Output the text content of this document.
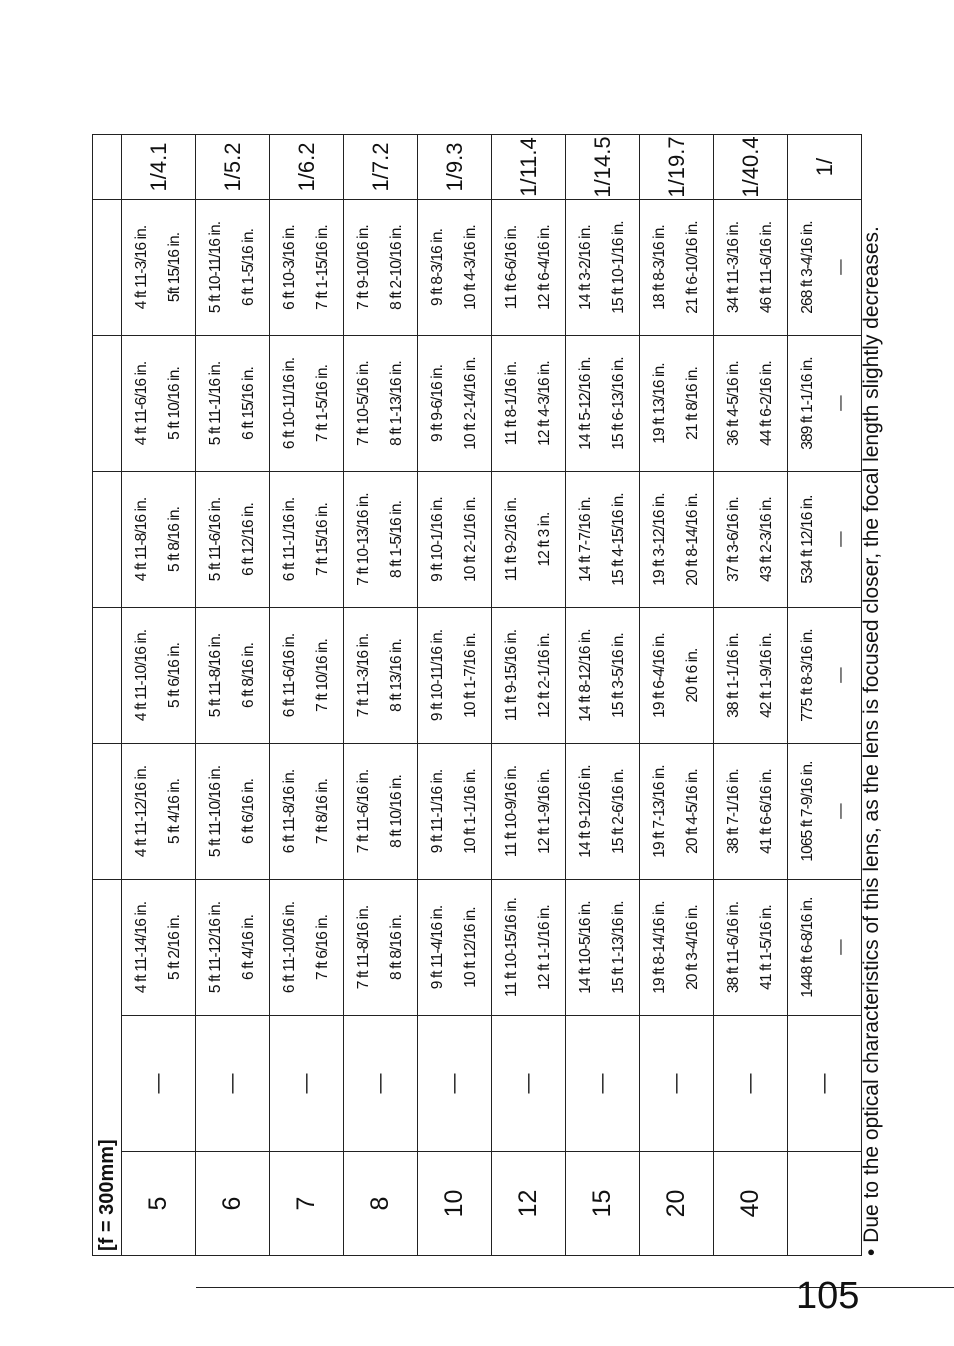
[f = 300mm]								
5	—	4 ft 11-14/16 in. 5 ft 2/16 in.	4 ft 11-12/16 in. 5 ft 4/16 in.	4 ft 11-10/16 in. 5 ft 6/16 in.	4 ft 11-8/16 in. 5 ft 8/16 in.	4 ft 11-6/16 in. 5 ft 10/16 in.	4 ft 11-3/16 in. 5ft 15/16 in.	1/4.1
6	—	5 ft 11-12/16 in. 6 ft 4/16 in.	5 ft 11-10/16 in. 6 ft 6/16 in.	5 ft 11-8/16 in. 6 ft 8/16 in.	5 ft 11-6/16 in. 6 ft 12/16 in.	5 ft 11-1/16 in. 6 ft 15/16 in.	5 ft 10-11/16 in. 6 ft 1-5/16 in.	1/5.2
7	—	6 ft 11-10/16 in. 7 ft 6/16 in.	6 ft 11-8/16 in. 7 ft 8/16 in.	6 ft 11-6/16 in. 7 ft 10/16 in.	6 ft 11-1/16 in. 7 ft 15/16 in.	6 ft 10-11/16 in. 7 ft 1-5/16 in.	6 ft 10-3/16 in. 7 ft 1-15/16 in.	1/6.2
8	—	7 ft 11-8/16 in. 8 ft 8/16 in.	7 ft 11-6/16 in. 8 ft 10/16 in.	7 ft 11-3/16 in. 8 ft 13/16 in.	7 ft 10-13/16 in. 8 ft 1-5/16 in.	7 ft 10-5/16 in. 8 ft 1-13/16 in.	7 ft 9-10/16 in. 8 ft 2-10/16 in.	1/7.2
10	—	9 ft 11-4/16 in. 10 ft 12/16 in.	9 ft 11-1/16 in. 10 ft 1-1/16 in.	9 ft 10-11/16 in. 10 ft 1-7/16 in.	9 ft 10-1/16 in. 10 ft 2-1/16 in.	9 ft 9-6/16 in. 10 ft 2-14/16 in.	9 ft 8-3/16 in. 10 ft 4-3/16 in.	1/9.3
12	—	11 ft 10-15/16 in. 12 ft 1-1/16 in.	11 ft 10-9/16 in. 12 ft 1-9/16 in.	11 ft 9-15/16 in. 12 ft 2-1/16 in.	11 ft 9-2/16 in. 12 ft 3 in.	11 ft 8-1/16 in. 12 ft 4-3/16 in.	11 ft 6-6/16 in. 12 ft 6-4/16 in.	1/11.4
15	—	14 ft 10-5/16 in. 15 ft 1-13/16 in.	14 ft 9-12/16 in. 15 ft 2-6/16 in.	14 ft 8-12/16 in. 15 ft 3-5/16 in.	14 ft 7-7/16 in. 15 ft 4-15/16 in.	14 ft 5-12/16 in. 15 ft 6-13/16 in.	14 ft 3-2/16 in. 15 ft 10-1/16 in.	1/14.5
20	—	19 ft 8-14/16 in. 20 ft 3-4/16 in.	19 ft 7-13/16 in. 20 ft 4-5/16 in.	19 ft 6-4/16 in. 20 ft 6 in.	19 ft 3-12/16 in. 20 ft 8-14/16 in.	19 ft 13/16 in. 21 ft 8/16 in.	18 ft 8-3/16 in. 21 ft 6-10/16 in.	1/19.7
40	—	38 ft 11-6/16 in. 41 ft 1-5/16 in.	38 ft 7-1/16 in. 41 ft 6-6/16 in.	38 ft 1-1/16 in. 42 ft 1-9/16 in.	37 ft 3-6/16 in. 43 ft 2-3/16 in.	36 ft 4-5/16 in. 44 ft 6-2/16 in.	34 ft 11-3/16 in. 46 ft 11-6/16 in.	1/40.4
	—	1448 ft 6-8/16 in. —	1065 ft 7-9/16 in. —	775 ft 8-3/16 in. —	534 ft 12/16 in. —	389 ft 1-1/16 in. —	268 ft 3-4/16 in. —	1/
• Due to the optical characteristics of this lens, as the lens is focused closer, the focal length slightly decreases.
105
